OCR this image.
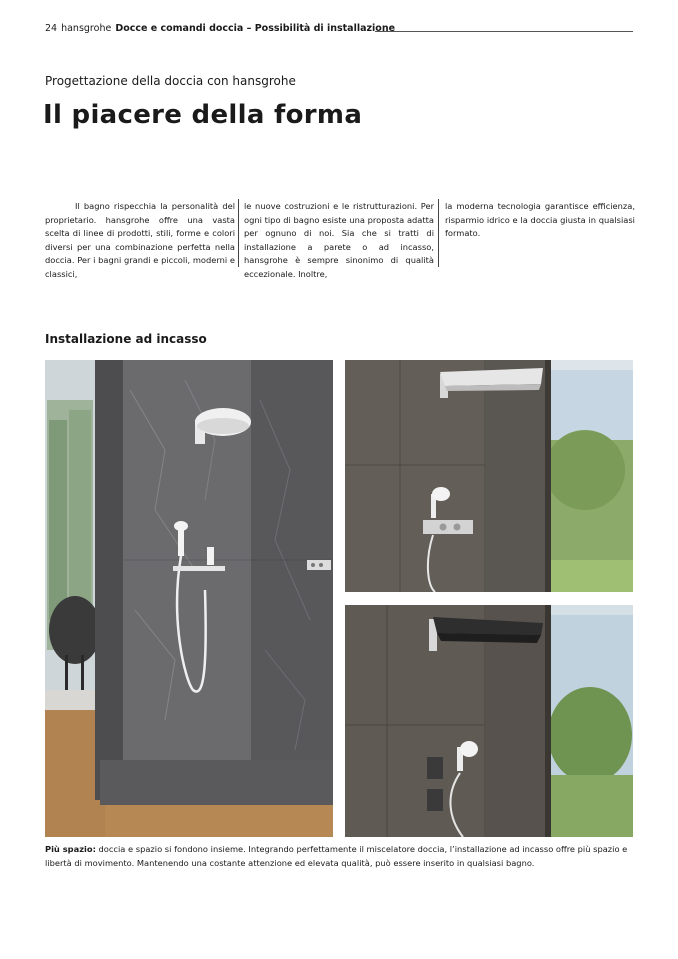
24 hansgrohe Docce e comandi doccia – Possibilità di installazione
Progettazione della doccia con hansgrohe
Il piacere della forma
Il bagno rispecchia la personalità del proprietario. hansgrohe offre una vasta scelta di linee di prodotti, stili, forme e colori diversi per una combinazione perfetta nella doccia. Per i bagni grandi e piccoli, moderni e classici,
le nuove costruzioni e le ristrutturazioni. Per ogni tipo di bagno esiste una proposta adatta per ognuno di noi. Sia che si tratti di installazione a parete o ad incasso, hansgrohe è sempre sinonimo di qualità eccezionale. Inoltre,
la moderna tecnologia garantisce efficienza, risparmio idrico e la doccia giusta in qualsiasi formato.
Installazione ad incasso
Più spazio: doccia e spazio si fondono insieme. Integrando perfettamente il miscelatore doccia, l’installazione ad incasso offre più spazio e libertà di movimento. Mantenendo una costante attenzione ed elevata qualità, può essere inserito in qualsiasi bagno.
